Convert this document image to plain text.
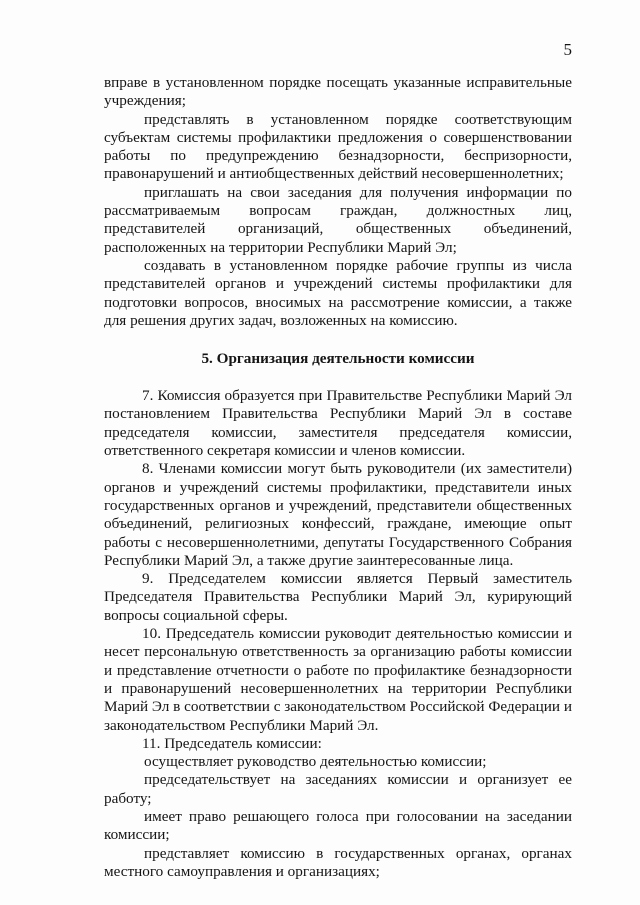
5

вправе в установленном порядке посещать указанные исправительные учреждения;

представлять в установленном порядке соответствующим субъектам системы профилактики предложения о совершенствовании работы по предупреждению безнадзорности, беспризорности, правонарушений и антиобщественных действий несовершеннолетних;

приглашать на свои заседания для получения информации по рассматриваемым вопросам граждан, должностных лиц, представителей организаций, общественных объединений, расположенных на территории Республики Марий Эл;

создавать в установленном порядке рабочие группы из числа представителей органов и учреждений системы профилактики для подготовки вопросов, вносимых на рассмотрение комиссии, а также для решения других задач, возложенных на комиссию.

5. Организация деятельности комиссии

7. Комиссия образуется при Правительстве Республики Марий Эл постановлением Правительства Республики Марий Эл в составе председателя комиссии, заместителя председателя комиссии, ответственного секретаря комиссии и членов комиссии.

8. Членами комиссии могут быть руководители (их заместители) органов и учреждений системы профилактики, представители иных государственных органов и учреждений, представители общественных объединений, религиозных конфессий, граждане, имеющие опыт работы с несовершеннолетними, депутаты Государственного Собрания Республики Марий Эл, а также другие заинтересованные лица.

9. Председателем комиссии является Первый заместитель Председателя Правительства Республики Марий Эл, курирующий вопросы социальной сферы.

10. Председатель комиссии руководит деятельностью комиссии и несет персональную ответственность за организацию работы комиссии и представление отчетности о работе по профилактике безнадзорности и правонарушений несовершеннолетних на территории Республики Марий Эл в соответствии с законодательством Российской Федерации и законодательством Республики Марий Эл.

11. Председатель комиссии:

осуществляет руководство деятельностью комиссии;

председательствует на заседаниях комиссии и организует ее работу;

имеет право решающего голоса при голосовании на заседании комиссии;

представляет комиссию в государственных органах, органах местного самоуправления и организациях;
